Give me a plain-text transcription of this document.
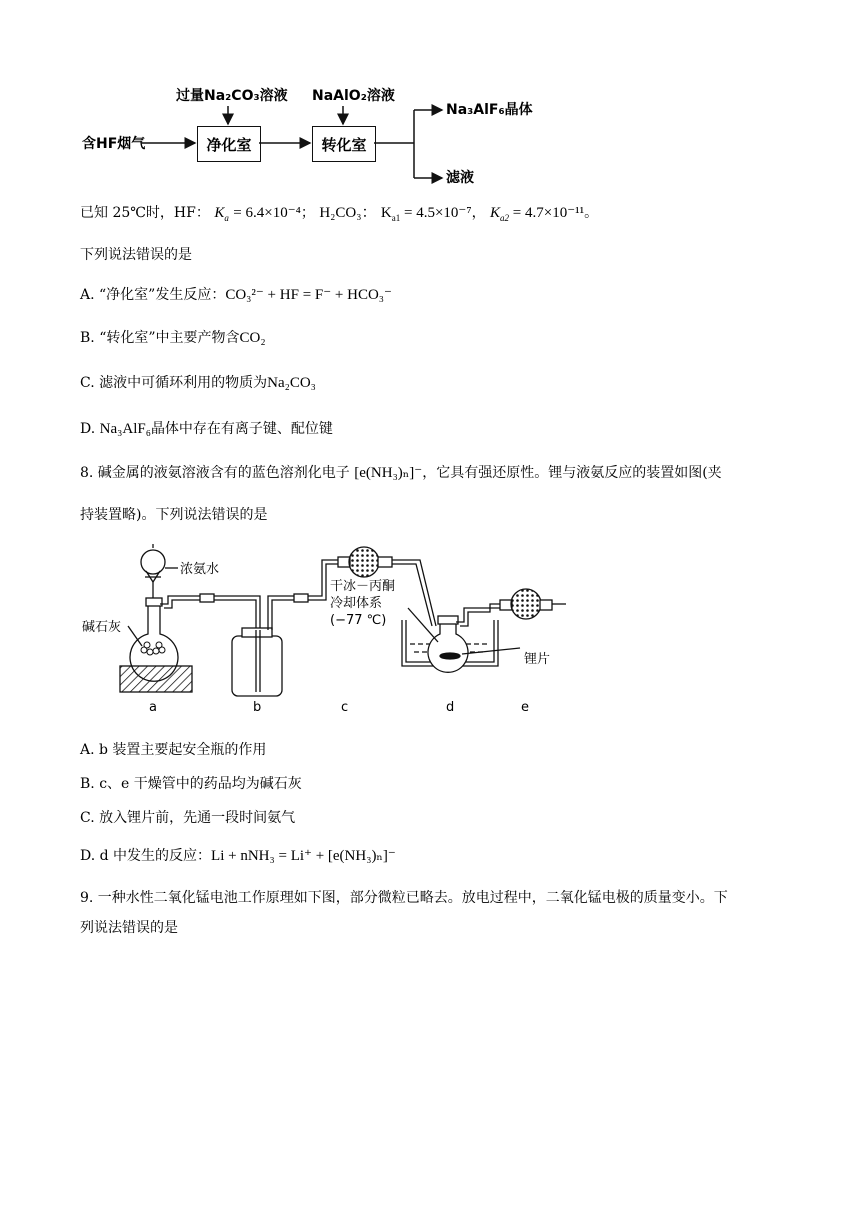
过量Na₂CO₃溶液 NaAlO₂溶液
含HF烟气	净化室	转化室
Na₃AlF₆晶体
滤液
已知 25℃时，HF： $K_a = 6.4\times 10^{-4}$； H₂CO₃： $K_{a1} = 4.5\times 10^{-7}$， $K_{a2} = 4.7\times 10^{-11}$。
下列说法错误的是
A. “净化室”发生反应：CO₃²⁻ + HF = F⁻ + HCO₃⁻
B. “转化室”中主要产物含CO₂
C. 滤液中可循环利用的物质为Na₂CO₃
D. Na₃AlF₆晶体中存在有离子键、配位键
8. 碱金属的液氨溶液含有的蓝色溶剂化电子 [e(NH₃)ₙ]⁻，它具有强还原性。锂与液氨反应的装置如图(夹
持装置略)。下列说法错误的是
浓氨水
碱石灰
干冰－丙酮
冷却体系
(−77 ℃)
锂片
a	b	c	d	e
A. b 装置主要起安全瓶的作用
B. c、e 干燥管中的药品均为碱石灰
C. 放入锂片前，先通一段时间氨气
D. d 中发生的反应：Li + nNH₃ = Li⁺ + [e(NH₃)ₙ]⁻
9. 一种水性二氧化锰电池工作原理如下图，部分微粒已略去。放电过程中，二氧化锰电极的质量变小。下
列说法错误的是
